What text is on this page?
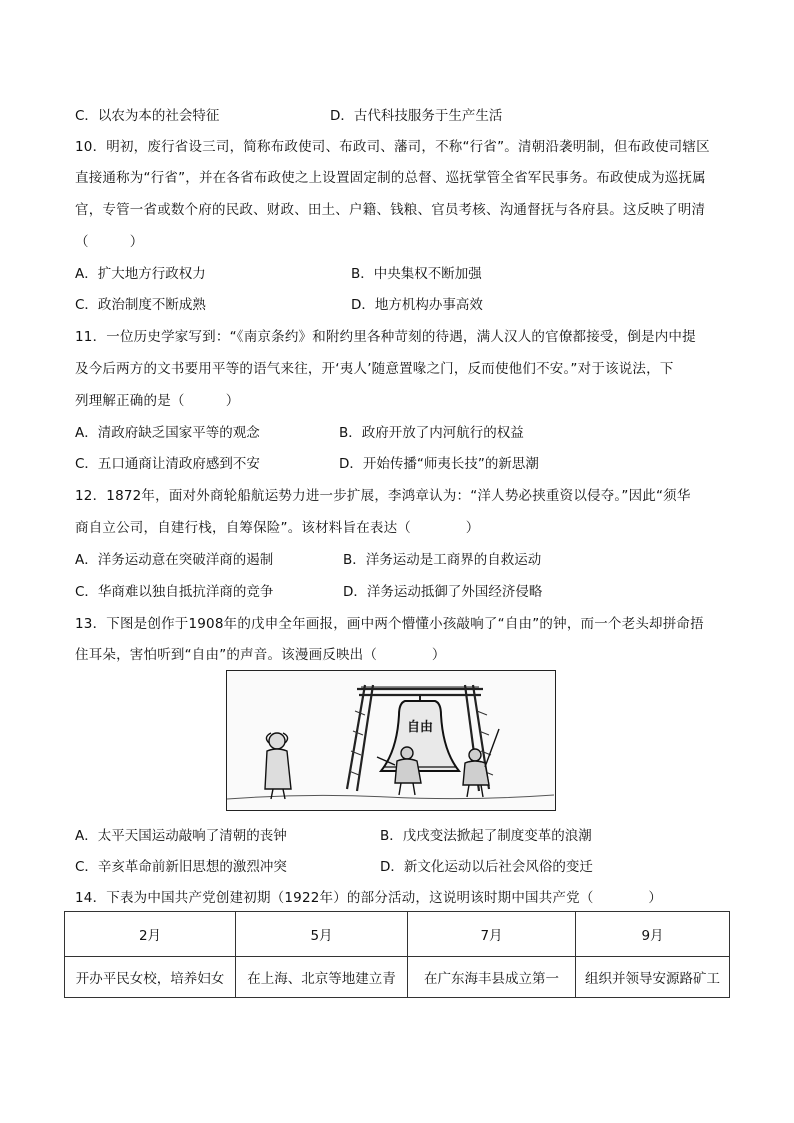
C．以农为本的社会特征	D．古代科技服务于生产生活
10．明初，废行省设三司，简称布政使司、布政司、藩司，不称“行省”。清朝沿袭明制，但布政使司辖区
直接通称为“行省”，并在各省布政使之上设置固定制的总督、巡抚掌管全省军民事务。布政使成为巡抚属
官，专管一省或数个府的民政、财政、田土、户籍、钱粮、官员考核、沟通督抚与各府县。这反映了明清
（　　　）
A．扩大地方行政权力	B．中央集权不断加强
C．政治制度不断成熟	D．地方机构办事高效
11．一位历史学家写到：“《南京条约》和附约里各种苛刻的待遇，满人汉人的官僚都接受，倒是内中提
及今后两方的文书要用平等的语气来往，开‘夷人’随意置喙之门，反而使他们不安。”对于该说法，下
列理解正确的是（　　　）
A．清政府缺乏国家平等的观念	B．政府开放了内河航行的权益
C．五口通商让清政府感到不安	D．开始传播“师夷长技”的新思潮
12．1872年，面对外商轮船航运势力进一步扩展，李鸿章认为：“洋人势必挟重资以侵夺。”因此“须华
商自立公司，自建行栈，自筹保险”。该材料旨在表达（　　　　）
A．洋务运动意在突破洋商的遏制	B．洋务运动是工商界的自救运动
C．华商难以独自抵抗洋商的竞争	D．洋务运动抵御了外国经济侵略
13．下图是创作于1908年的戊申全年画报，画中两个懵懂小孩敲响了“自由”的钟，而一个老头却拼命捂
住耳朵，害怕听到“自由”的声音。该漫画反映出（　　　　）
自由
A．太平天国运动敲响了清朝的丧钟	B．戊戌变法掀起了制度变革的浪潮
C．辛亥革命前新旧思想的激烈冲突	D．新文化运动以后社会风俗的变迁
14．下表为中国共产党创建初期（1922年）的部分活动，这说明该时期中国共产党（　　　　）
2月	5月	7月	9月
开办平民女校，培养妇女	在上海、北京等地建立青	在广东海丰县成立第一	组织并领导安源路矿工
